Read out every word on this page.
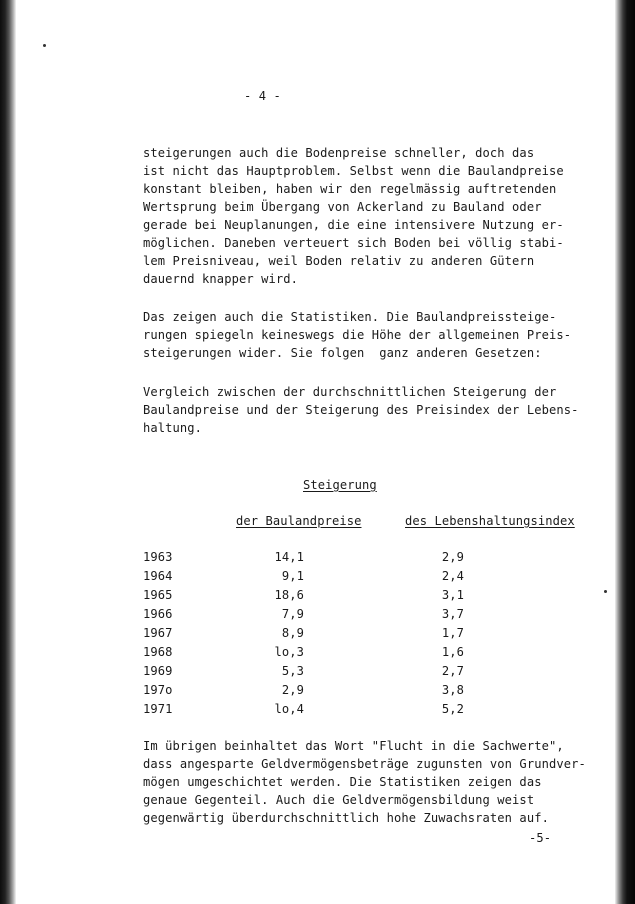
- 4 -
steigerungen auch die Bodenpreise schneller, doch das
ist nicht das Hauptproblem. Selbst wenn die Baulandpreise
konstant bleiben, haben wir den regelmässig auftretenden
Wertsprung beim Übergang von Ackerland zu Bauland oder
gerade bei Neuplanungen, die eine intensivere Nutzung er-
möglichen. Daneben verteuert sich Boden bei völlig stabi-
lem Preisniveau, weil Boden relativ zu anderen Gütern
dauernd knapper wird.
Das zeigen auch die Statistiken. Die Baulandpreissteige-
rungen spiegeln keineswegs die Höhe der allgemeinen Preis-
steigerungen wider. Sie folgen  ganz anderen Gesetzen:
Vergleich zwischen der durchschnittlichen Steigerung der
Baulandpreise und der Steigerung des Preisindex der Lebens-
haltung.
Steigerung
der Baulandpreise	des Lebenshaltungsindex
1963	14,1	2,9
1964	9,1	2,4
1965	18,6	3,1
1966	7,9	3,7
1967	8,9	1,7
1968	lo,3	1,6
1969	5,3	2,7
197o	2,9	3,8
1971	lo,4	5,2
Im übrigen beinhaltet das Wort "Flucht in die Sachwerte",
dass angesparte Geldvermögensbeträge zugunsten von Grundver-
mögen umgeschichtet werden. Die Statistiken zeigen das
genaue Gegenteil. Auch die Geldvermögensbildung weist
gegenwärtig überdurchschnittlich hohe Zuwachsraten auf.
-5-
